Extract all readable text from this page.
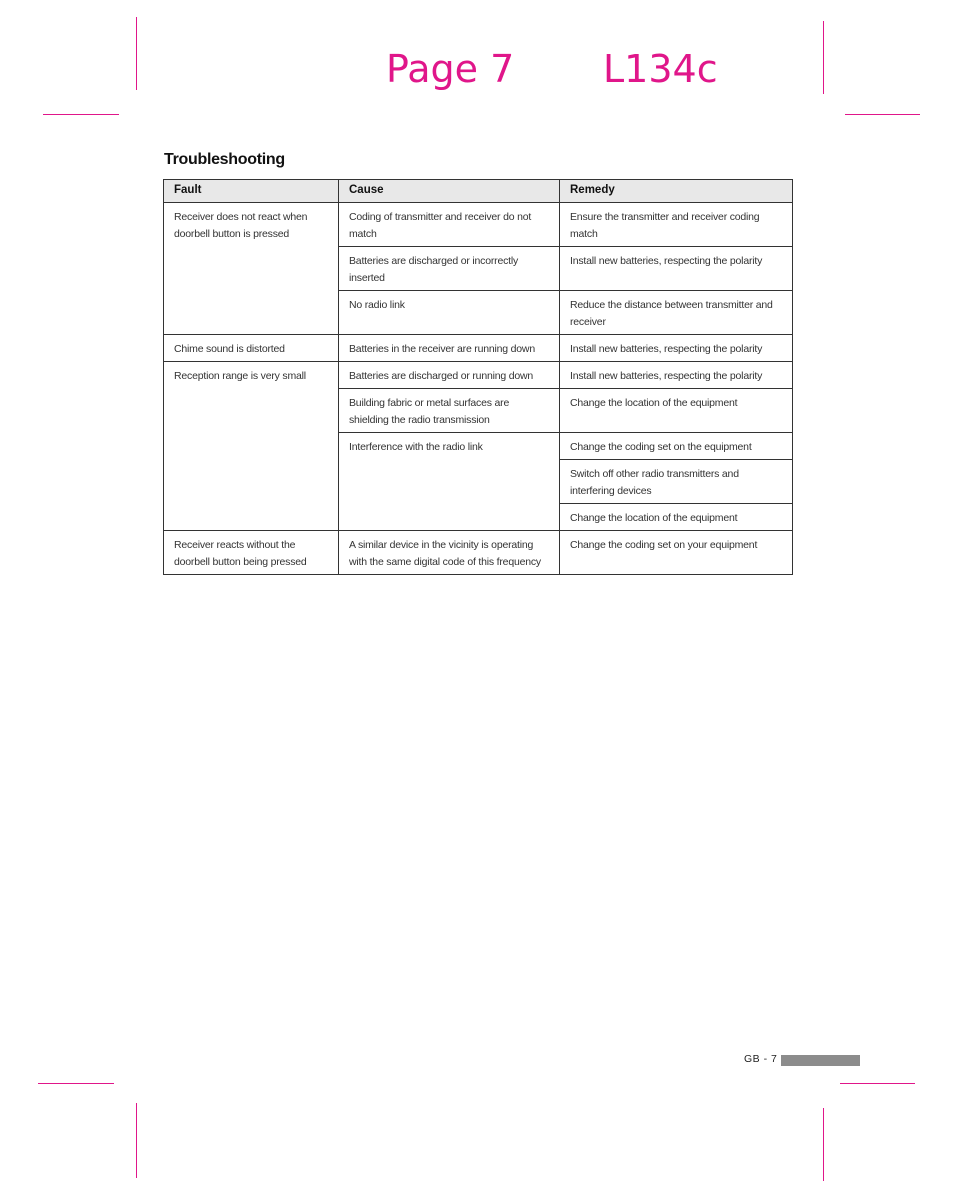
Page 7 L134c
Troubleshooting
Fault	Cause	Remedy
Receiver does not react when doorbell button is pressed	Coding of transmitter and receiver do not match	Ensure the transmitter and receiver coding match
	Batteries are discharged or incorrectly inserted	Install new batteries, respecting the polarity
	No radio link	Reduce the distance between transmitter and receiver
Chime sound is distorted	Batteries in the receiver are running down	Install new batteries, respecting the polarity
Reception range is very small	Batteries are discharged or running down	Install new batteries, respecting the polarity
	Building fabric or metal surfaces are shielding the radio transmission	Change the location of the equipment
	Interference with the radio link	Change the coding set on the equipment
		Switch off other radio transmitters and interfering devices
		Change the location of the equipment
Receiver reacts without the doorbell button being pressed	A similar device in the vicinity is operating with the same digital code of this frequency	Change the coding set on your equipment
GB - 7
